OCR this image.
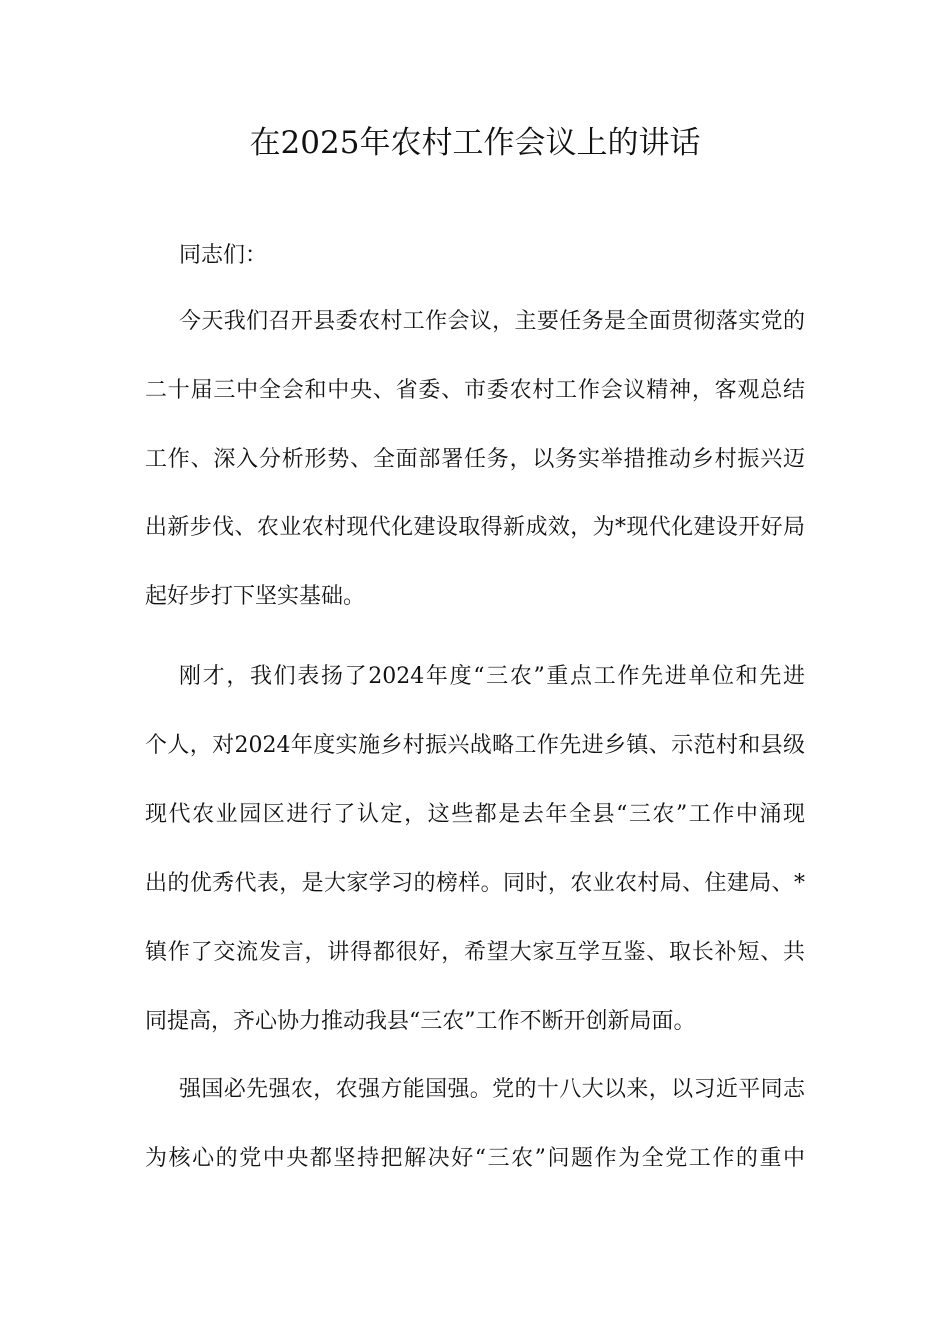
在2025年农村工作会议上的讲话
同志们：
今天我们召开县委农村工作会议，主要任务是全面贯彻落实党的
二十届三中全会和中央、省委、市委农村工作会议精神，客观总结
工作、深入分析形势、全面部署任务，以务实举措推动乡村振兴迈
出新步伐、农业农村现代化建设取得新成效，为*现代化建设开好局
起好步打下坚实基础。
刚才，我们表扬了2024年度“三农”重点工作先进单位和先进
个人，对2024年度实施乡村振兴战略工作先进乡镇、示范村和县级
现代农业园区进行了认定，这些都是去年全县“三农”工作中涌现
出的优秀代表，是大家学习的榜样。同时，农业农村局、住建局、*
镇作了交流发言，讲得都很好，希望大家互学互鉴、取长补短、共
同提高，齐心协力推动我县“三农”工作不断开创新局面。
强国必先强农，农强方能国强。党的十八大以来，以习近平同志
为核心的党中央都坚持把解决好“三农”问题作为全党工作的重中
